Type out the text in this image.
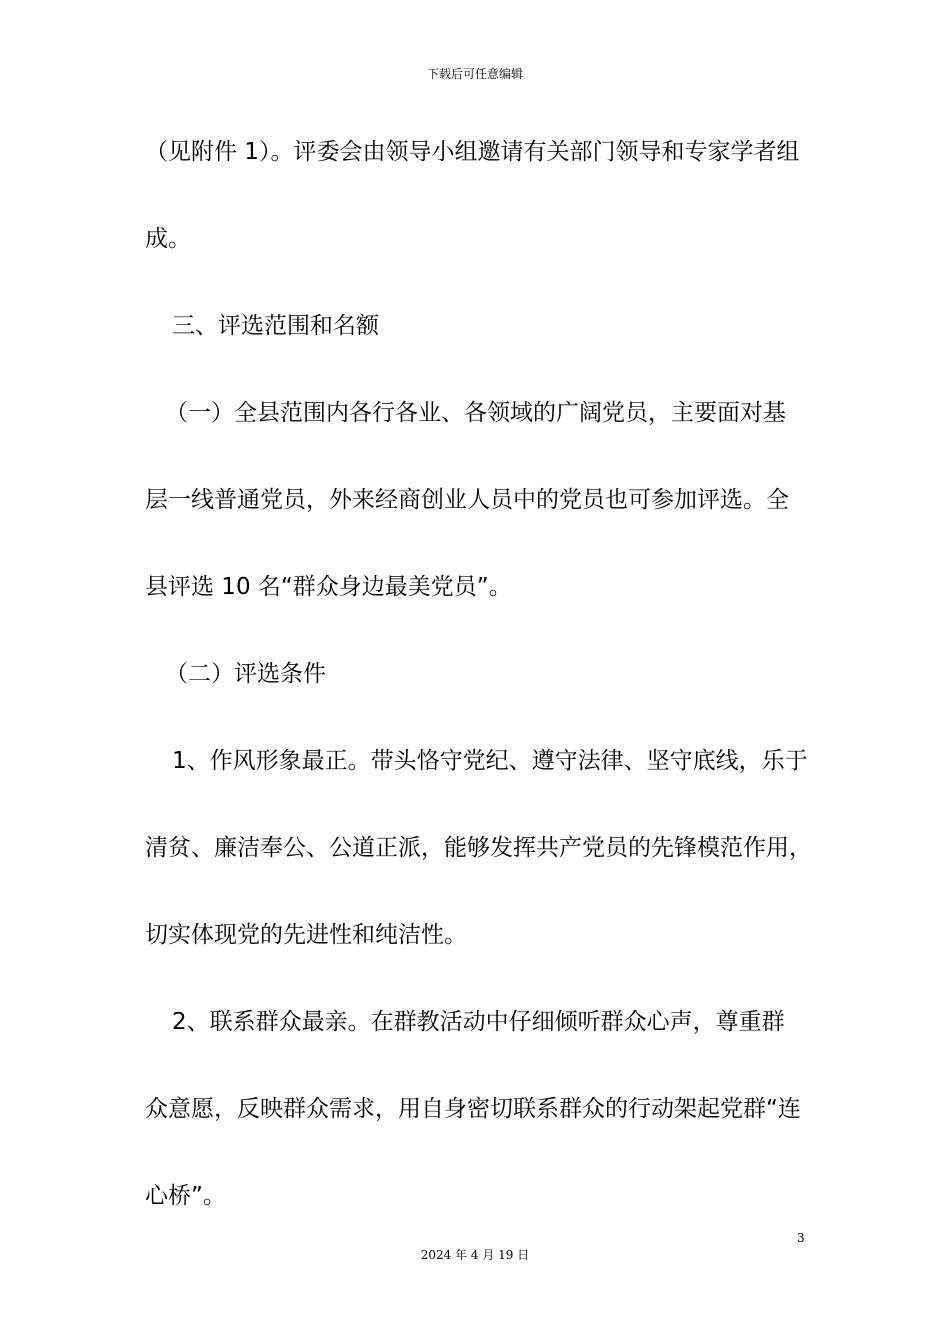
下载后可任意编辑
（见附件 1）。评委会由领导小组邀请有关部门领导和专家学者组
成。
三、评选范围和名额
（一）全县范围内各行各业、各领域的广阔党员，主要面对基
层一线普通党员，外来经商创业人员中的党员也可参加评选。全
县评选 10 名“群众身边最美党员”。
（二）评选条件
1、作风形象最正。带头恪守党纪、遵守法律、坚守底线，乐于
清贫、廉洁奉公、公道正派，能够发挥共产党员的先锋模范作用，
切实体现党的先进性和纯洁性。
2、联系群众最亲。在群教活动中仔细倾听群众心声，尊重群
众意愿，反映群众需求，用自身密切联系群众的行动架起党群“连
心桥”。
3
2024 年 4 月 19 日
